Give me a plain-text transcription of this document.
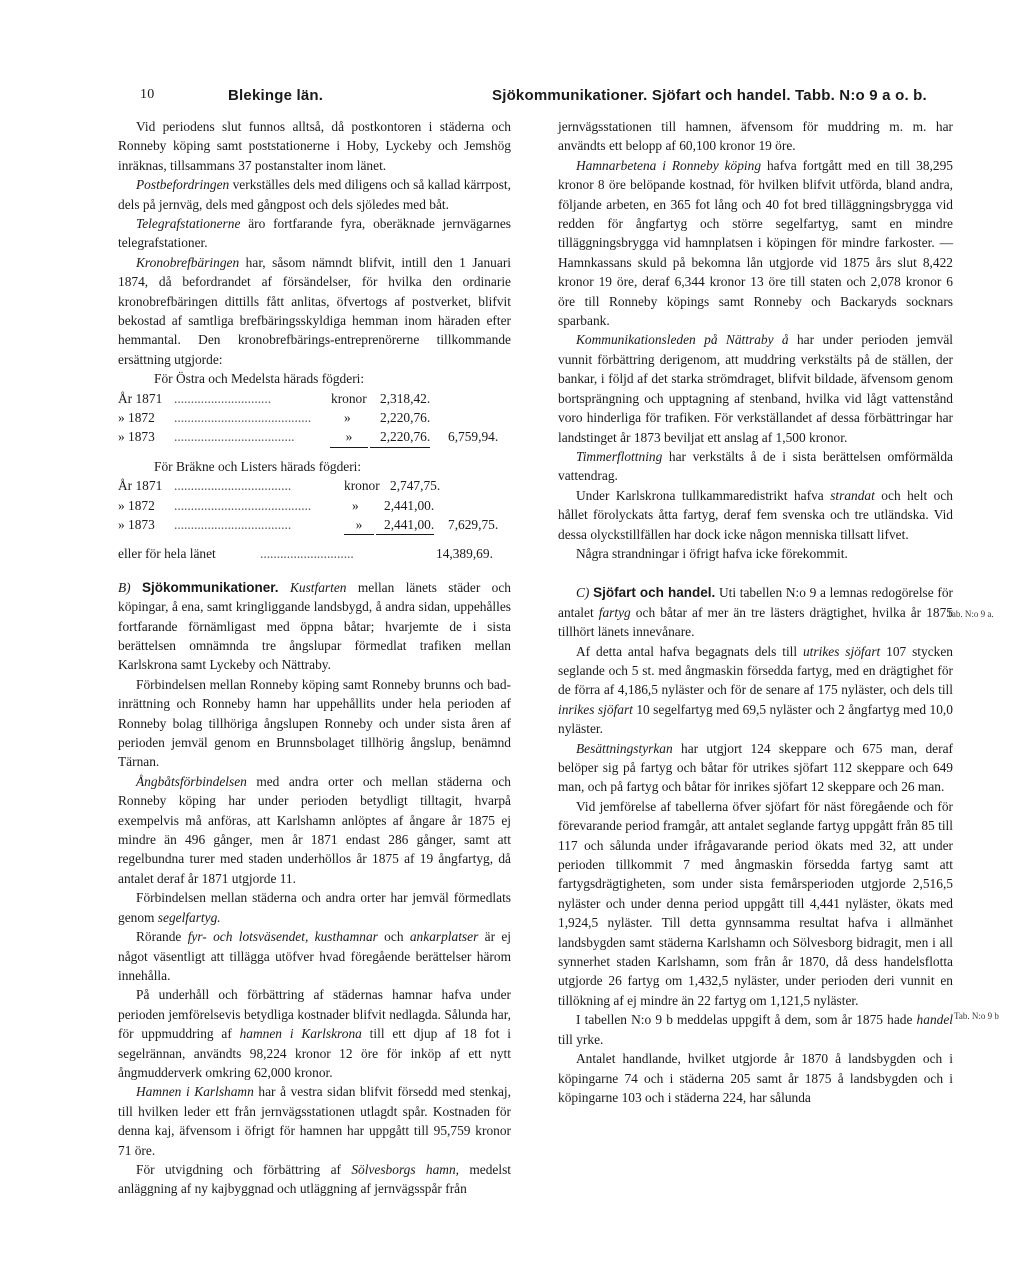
10	Blekinge län.	Sjökommunikationer. Sjöfart och handel. Tabb. N:o 9 a o. b.

Vid periodens slut funnos alltså, då postkontoren i städerna och Ronneby köping samt poststationerne i Hoby, Lyckeby och Jemshög inräknas, tillsammans 37 postanstalter inom länet.

Postbefordringen verkställes dels med diligens och så kallad kärrpost, dels på jernväg, dels med gångpost och dels sjöledes med båt.

Telegrafstationerne äro fortfarande fyra, oberäknade jernvägarnes telegrafstationer.

Kronobrefbäringen har, såsom nämndt blifvit, intill den 1 Januari 1874, då befordrandet af försändelser, för hvilka den ordinarie kronobrefbäringen dittills fått anlitas, öfvertogs af postverket, blifvit bekostad af samtliga brefbäringsskyldiga hemman inom häraden efter hemmantal. Den kronobrefbärings-entreprenörerne tillkommande ersättning utgjorde:

För Östra och Medelsta härads fögderi:
År 1871 .............................	kronor 2,318,42.
» 1872 ......................................... » 2,220,76.
» 1873 ....................................	»	2,220,76. 6,759,94.
För Bräkne och Listers härads fögderi:
År 1871 ...................................	kronor 2,747,75.
» 1872 .........................................	» 2,441,00.
» 1873 ...................................	»	2,441,00. 7,629,75.
eller för hela länet	............................	14,389,69.

B) Sjökommunikationer. Kustfarten mellan länets städer och köpingar, å ena, samt kringliggande landsbygd, å andra sidan, uppehålles fortfarande förnämligast med öppna båtar; hvarjemte de i sista berättelsen omnämnda tre ångslupar förmedlat trafiken mellan Karlskrona samt Lyckeby och Nättraby.

Förbindelsen mellan Ronneby köping samt Ronneby brunns och bad-inrättning och Ronneby hamn har uppehållits under hela perioden af Ronneby bolag tillhöriga ångslupen Ronneby och under sista åren af perioden jemväl genom en Brunnsbolaget tillhörig ångslup, benämnd Tärnan.

Ångbåtsförbindelsen med andra orter och mellan städerna och Ronneby köping har under perioden betydligt tilltagit, hvarpå exempelvis må anföras, att Karlshamn anlöptes af ångare år 1875 ej mindre än 496 gånger, men år 1871 endast 286 gånger, samt att regelbundna turer med staden underhöllos år 1875 af 19 ångfartyg, då antalet deraf år 1871 utgjorde 11.

Förbindelsen mellan städerna och andra orter har jemväl förmedlats genom segelfartyg.

Rörande fyr- och lotsväsendet, kusthamnar och ankarplatser är ej något väsentligt att tillägga utöfver hvad föregående berättelser härom innehålla.

På underhåll och förbättring af städernas hamnar hafva under perioden jemförelsevis betydliga kostnader blifvit nedlagda. Sålunda har, för uppmuddring af hamnen i Karlskrona till ett djup af 18 fot i segelrännan, användts 98,224 kronor 12 öre för inköp af ett nytt ångmudderverk omkring 62,000 kronor.

Hamnen i Karlshamn har å vestra sidan blifvit försedd med stenkaj, till hvilken leder ett från jernvägsstationen utlagdt spår. Kostnaden för denna kaj, äfvensom i öfrigt för hamnen har uppgått till 95,759 kronor 71 öre.

För utvigdning och förbättring af Sölvesborgs hamn, medelst anläggning af ny kajbyggnad och utläggning af jernvägsspår från

jernvägsstationen till hamnen, äfvensom för muddring m. m. har användts ett belopp af 60,100 kronor 19 öre.

Hamnarbetena i Ronneby köping hafva fortgått med en till 38,295 kronor 8 öre belöpande kostnad, för hvilken blifvit utförda, bland andra, följande arbeten, en 365 fot lång och 40 fot bred tilläggningsbrygga vid redden för ångfartyg och större segelfartyg, samt en mindre tilläggningsbrygga vid hamnplatsen i köpingen för mindre farkoster. — Hamnkassans skuld på bekomna lån utgjorde vid 1875 års slut 8,422 kronor 19 öre, deraf 6,344 kronor 13 öre till staten och 2,078 kronor 6 öre till Ronneby köpings samt Ronneby och Backaryds socknars sparbank.

Kommunikationsleden på Nättraby å har under perioden jemväl vunnit förbättring derigenom, att muddring verkstälts på de ställen, der bankar, i följd af det starka strömdraget, blifvit bildade, äfvensom genom bortsprängning och upptagning af stenband, hvilka vid lågt vattenstånd voro hinderliga för trafiken. För verkställandet af dessa förbättringar har landstinget år 1873 beviljat ett anslag af 1,500 kronor.

Timmerflottning har verkstälts å de i sista berättelsen omförmälda vattendrag.

Under Karlskrona tullkammaredistrikt hafva strandat och helt och hållet förolyckats åtta fartyg, deraf fem svenska och tre utländska. Vid dessa olyckstillfällen har dock icke någon menniska tillsatt lifvet.

Några strandningar i öfrigt hafva icke förekommit.

C) Sjöfart och handel. Uti tabellen N:o 9 a lemnas redogörelse för antalet fartyg och båtar af mer än tre lästers drägtighet, hvilka år 1875 tillhört länets innevånare.

Af detta antal hafva begagnats dels till utrikes sjöfart 107 stycken seglande och 5 st. med ångmaskin försedda fartyg, med en drägtighet för de förra af 4,186,5 nyläster och för de senare af 175 nyläster, och dels till inrikes sjöfart 10 segelfartyg med 69,5 nyläster och 2 ångfartyg med 10,0 nyläster.

Besättningstyrkan har utgjort 124 skeppare och 675 man, deraf belöper sig på fartyg och båtar för utrikes sjöfart 112 skeppare och 649 man, och på fartyg och båtar för inrikes sjöfart 12 skeppare och 26 man.

Vid jemförelse af tabellerna öfver sjöfart för näst föregående och för förevarande period framgår, att antalet seglande fartyg uppgått från 85 till 117 och sålunda under ifrågavarande period ökats med 32, att under perioden tillkommit 7 med ångmaskin försedda fartyg samt att fartygsdrägtigheten, som under sista femårsperioden utgjorde 2,516,5 nyläster och under denna period uppgått till 4,441 nyläster, ökats med 1,924,5 nyläster. Till detta gynnsamma resultat hafva i allmänhet landsbygden samt städerna Karlshamn och Sölvesborg bidragit, men i all synnerhet staden Karlshamn, som från år 1870, då dess handelsflotta utgjorde 26 fartyg om 1,432,5 nyläster, under perioden deri vunnit en tillökning af ej mindre än 22 fartyg om 1,121,5 nyläster.

I tabellen N:o 9 b meddelas uppgift å dem, som år 1875 hade handel till yrke.

Antalet handlande, hvilket utgjorde år 1870 å landsbygden och i köpingarne 74 och i städerna 205 samt år 1875 å landsbygden och i köpingarne 103 och i städerna 224, har sålunda

Tab. N:o 9 a.
Tab. N:o 9 b
